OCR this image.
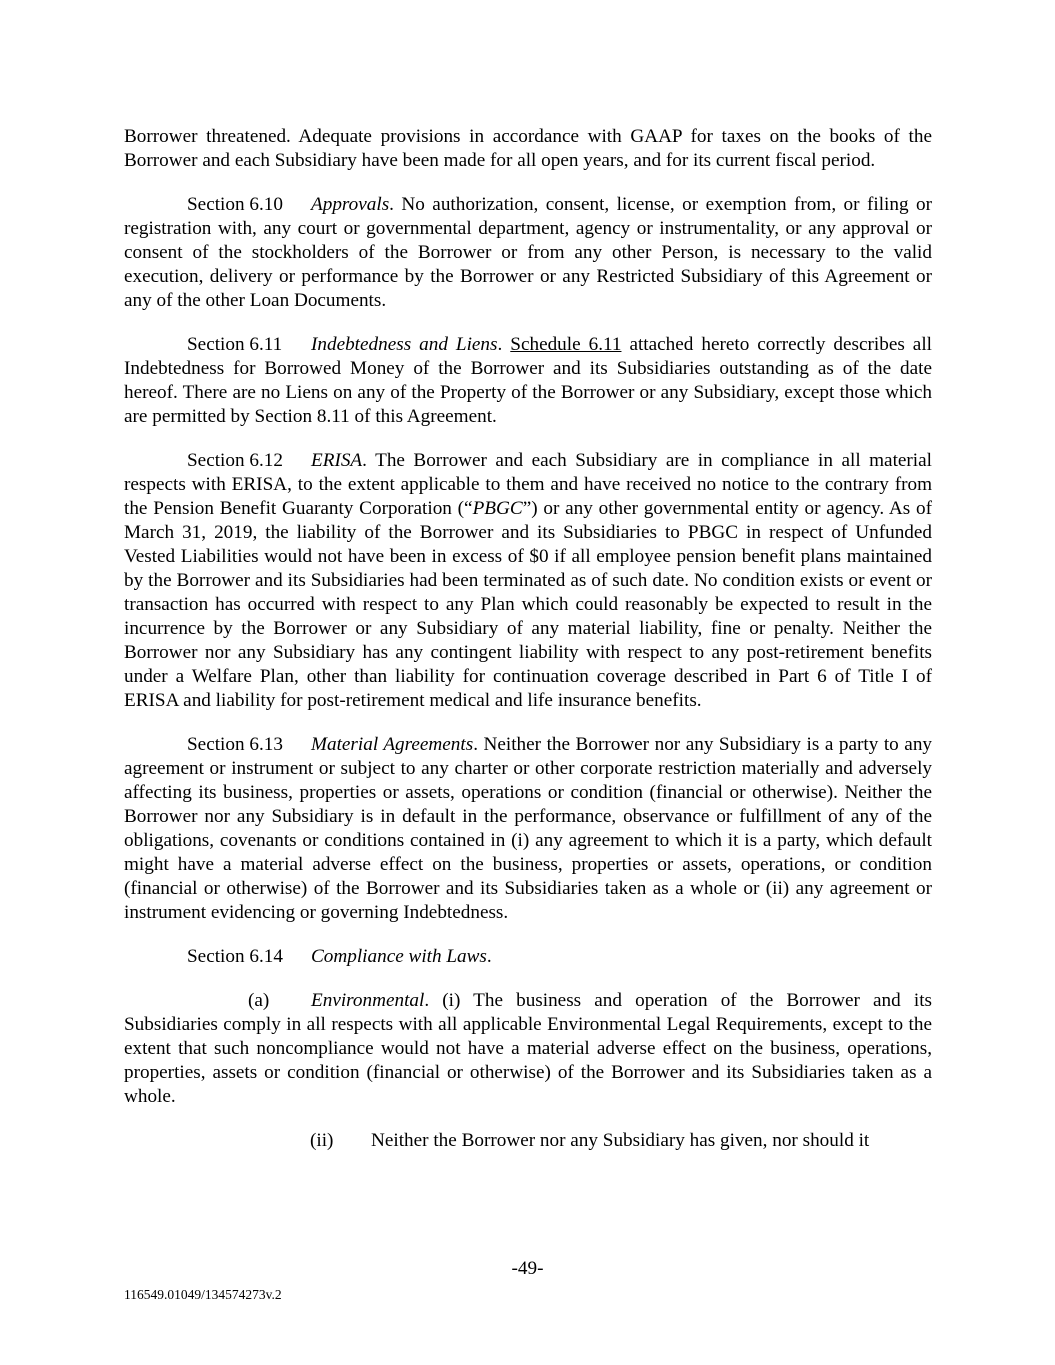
Borrower threatened. Adequate provisions in accordance with GAAP for taxes on the books of the Borrower and each Subsidiary have been made for all open years, and for its current fiscal period.

Section 6.10 Approvals. No authorization, consent, license, or exemption from, or filing or registration with, any court or governmental department, agency or instrumentality, or any approval or consent of the stockholders of the Borrower or from any other Person, is necessary to the valid execution, delivery or performance by the Borrower or any Restricted Subsidiary of this Agreement or any of the other Loan Documents.

Section 6.11 Indebtedness and Liens. Schedule 6.11 attached hereto correctly describes all Indebtedness for Borrowed Money of the Borrower and its Subsidiaries outstanding as of the date hereof. There are no Liens on any of the Property of the Borrower or any Subsidiary, except those which are permitted by Section 8.11 of this Agreement.

Section 6.12 ERISA. The Borrower and each Subsidiary are in compliance in all material respects with ERISA, to the extent applicable to them and have received no notice to the contrary from the Pension Benefit Guaranty Corporation (“PBGC”) or any other governmental entity or agency. As of March 31, 2019, the liability of the Borrower and its Subsidiaries to PBGC in respect of Unfunded Vested Liabilities would not have been in excess of $0 if all employee pension benefit plans maintained by the Borrower and its Subsidiaries had been terminated as of such date. No condition exists or event or transaction has occurred with respect to any Plan which could reasonably be expected to result in the incurrence by the Borrower or any Subsidiary of any material liability, fine or penalty. Neither the Borrower nor any Subsidiary has any contingent liability with respect to any post-retirement benefits under a Welfare Plan, other than liability for continuation coverage described in Part 6 of Title I of ERISA and liability for post-retirement medical and life insurance benefits.

Section 6.13 Material Agreements. Neither the Borrower nor any Subsidiary is a party to any agreement or instrument or subject to any charter or other corporate restriction materially and adversely affecting its business, properties or assets, operations or condition (financial or otherwise). Neither the Borrower nor any Subsidiary is in default in the performance, observance or fulfillment of any of the obligations, covenants or conditions contained in (i) any agreement to which it is a party, which default might have a material adverse effect on the business, properties or assets, operations, or condition (financial or otherwise) of the Borrower and its Subsidiaries taken as a whole or (ii) any agreement or instrument evidencing or governing Indebtedness.

Section 6.14 Compliance with Laws.

(a) Environmental. (i) The business and operation of the Borrower and its Subsidiaries comply in all respects with all applicable Environmental Legal Requirements, except to the extent that such noncompliance would not have a material adverse effect on the business, operations, properties, assets or condition (financial or otherwise) of the Borrower and its Subsidiaries taken as a whole.

(ii) Neither the Borrower nor any Subsidiary has given, nor should it

-49-
116549.01049/134574273v.2
